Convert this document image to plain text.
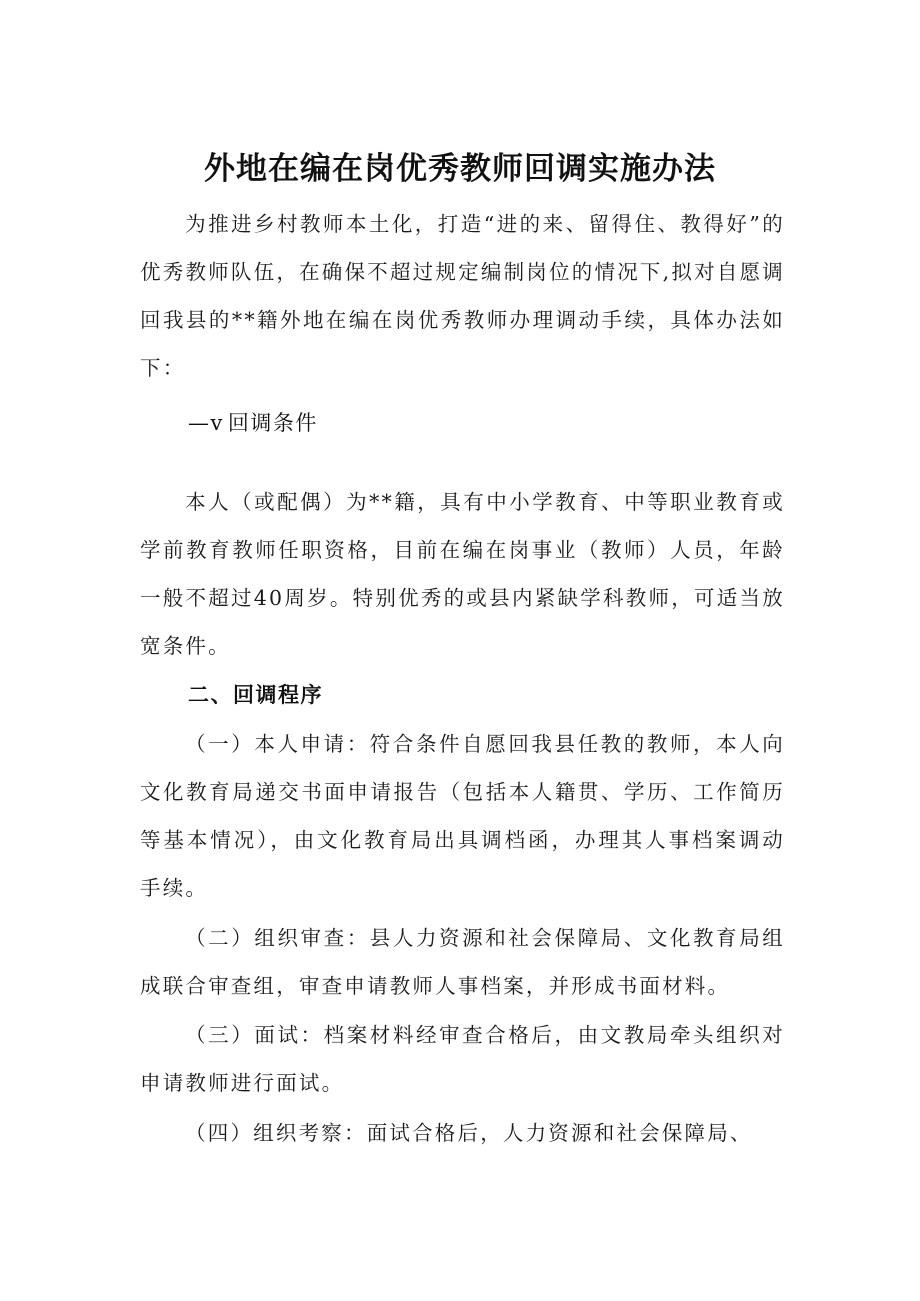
外地在编在岗优秀教师回调实施办法

为推进乡村教师本土化，打造“进的来、留得住、教得好”的优秀教师队伍，在确保不超过规定编制岗位的情况下,拟对自愿调回我县的**籍外地在编在岗优秀教师办理调动手续，具体办法如下：

—v 回调条件

本人（或配偶）为**籍，具有中小学教育、中等职业教育或学前教育教师任职资格，目前在编在岗事业（教师）人员，年龄一般不超过40周岁。特别优秀的或县内紧缺学科教师，可适当放宽条件。

二、回调程序

（一）本人申请：符合条件自愿回我县任教的教师，本人向文化教育局递交书面申请报告（包括本人籍贯、学历、工作简历等基本情况），由文化教育局出具调档函，办理其人事档案调动手续。

（二）组织审查：县人力资源和社会保障局、文化教育局组成联合审查组，审查申请教师人事档案，并形成书面材料。

（三）面试：档案材料经审查合格后，由文教局牵头组织对申请教师进行面试。

（四）组织考察：面试合格后，人力资源和社会保障局、
